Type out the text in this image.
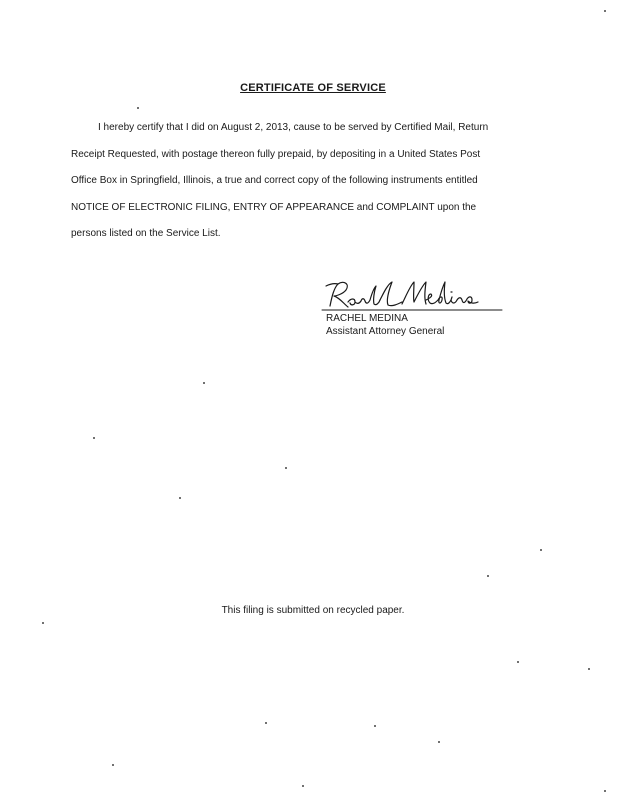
CERTIFICATE OF SERVICE
I hereby certify that I did on August 2, 2013, cause to be served by Certified Mail, Return
Receipt Requested, with postage thereon fully prepaid, by depositing in a United States Post
Office Box in Springfield, Illinois, a true and correct copy of the following instruments entitled
NOTICE OF ELECTRONIC FILING, ENTRY OF APPEARANCE and COMPLAINT upon the
persons listed on the Service List.
RACHEL MEDINA
Assistant Attorney General
This filing is submitted on recycled paper.
